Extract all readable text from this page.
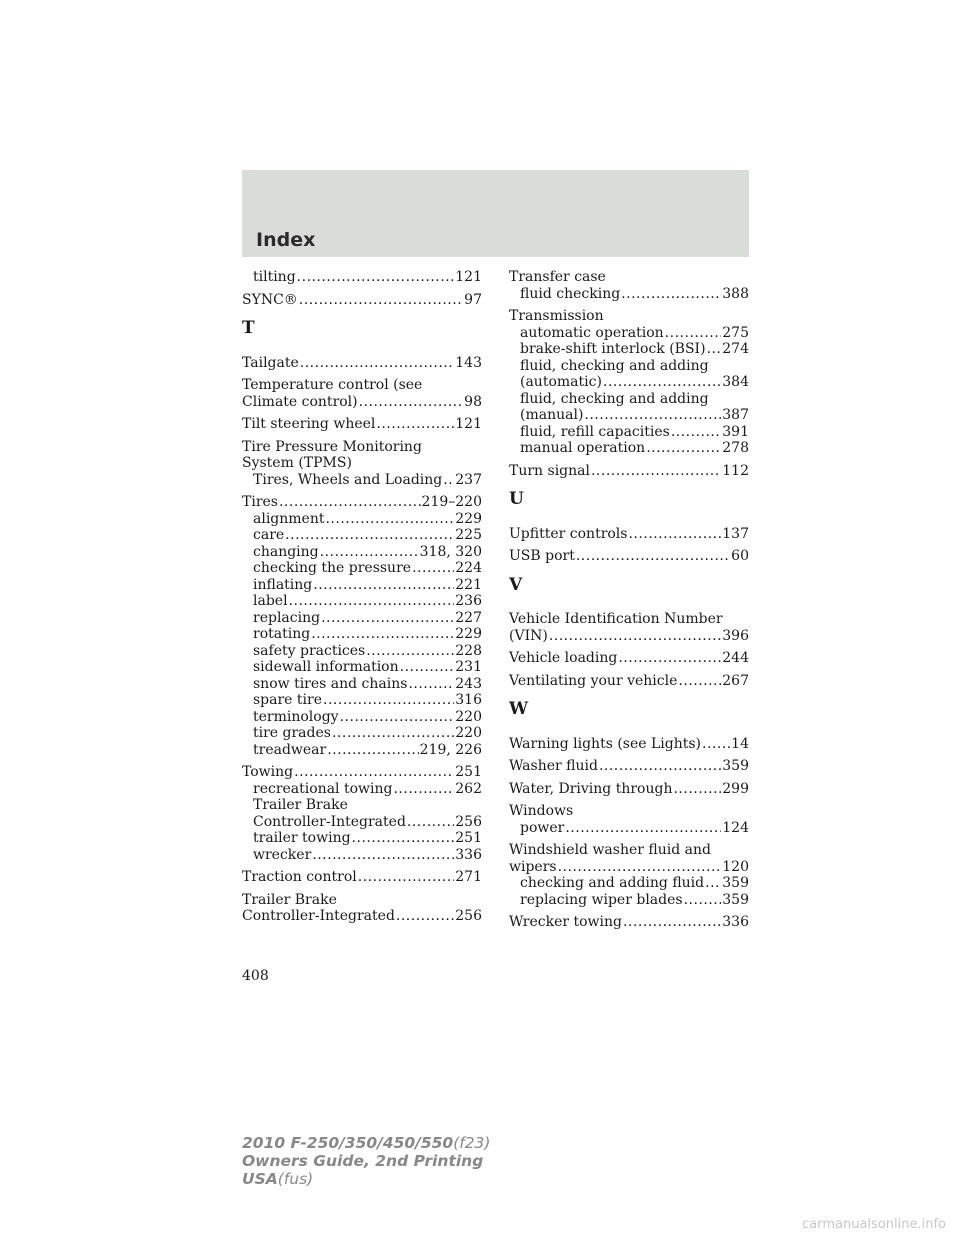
Index
tilting .....	121
SYNC® .....	97
T
Tailgate .....	143
Temperature control (see
Climate control) .....	98
Tilt steering wheel .....	121
Tire Pressure Monitoring
System (TPMS)
Tires, Wheels and Loading ..... 237
Tires .....	219–220
alignment .....	229
care .....	225
changing .....	318, 320
checking the pressure .....	224
inflating .....	221
label .....	236
replacing .....	227
rotating .....	229
safety practices .....	228
sidewall information .....	231
snow tires and chains .....	243
spare tire .....	316
terminology .....	220
tire grades .....	220
treadwear .....	219, 226
Towing .....	251
recreational towing .....	262
Trailer Brake
Controller-Integrated .....	256
trailer towing .....	251
wrecker .....	336
Traction control .....	271
Trailer Brake
Controller-Integrated .....	256
Transfer case
fluid checking .....	388
Transmission
automatic operation .....	275
brake-shift interlock (BSI) ..... 274
fluid, checking and adding
(automatic) .....	384
fluid, checking and adding
(manual) .....	387
fluid, refill capacities .....	391
manual operation .....	278
Turn signal .....	112
U
Upfitter controls .....	137
USB port .....	60
V
Vehicle Identification Number
(VIN) .....	396
Vehicle loading .....	244
Ventilating your vehicle .....	267
W
Warning lights (see Lights) ..... 14
Washer fluid .....	359
Water, Driving through .....	299
Windows
power .....	124
Windshield washer fluid and
wipers .....	120
checking and adding fluid ..... 359
replacing wiper blades .....	359
Wrecker towing .....	336
408
2010 F-250/350/450/550(f23)
Owners Guide, 2nd Printing
USA(fus)
carmanualsonline.info
